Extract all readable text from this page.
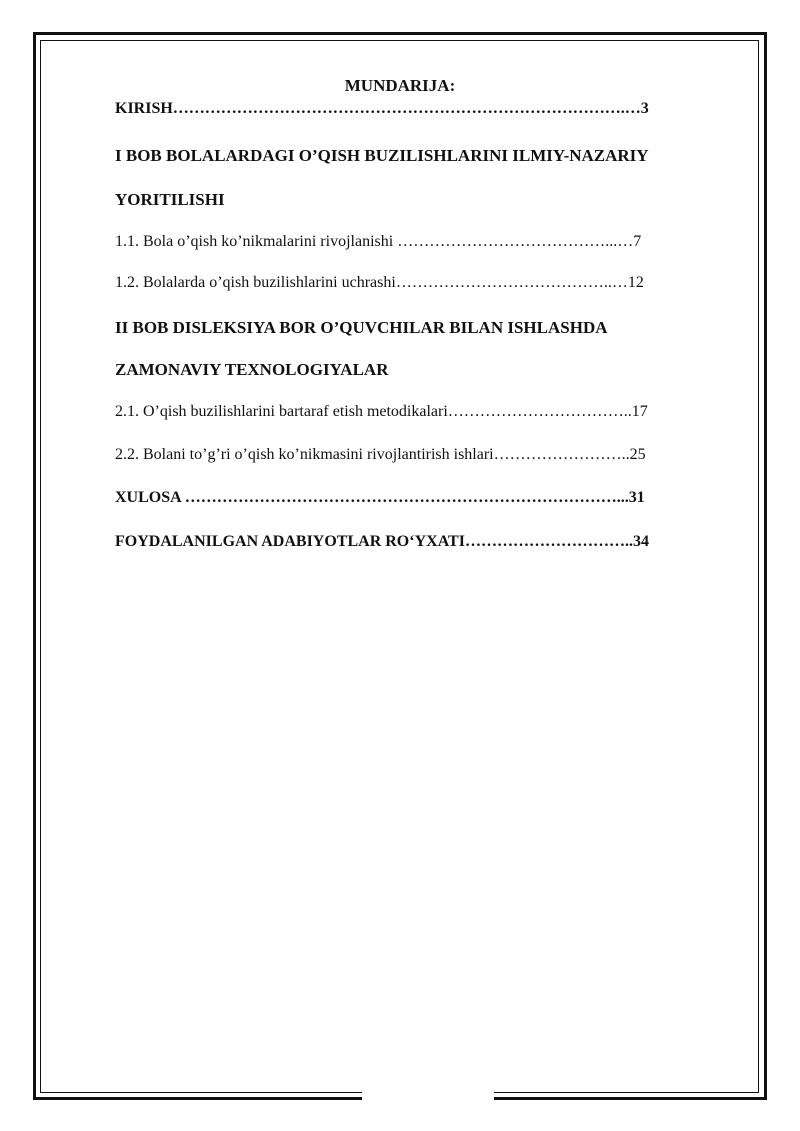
MUNDARIJA:
KIRISH………………………………………………………………………….…3
I BOB BOLALARDAGI O’QISH BUZILISHLARINI ILMIY-NAZARIY
YORITILISHI
1.1. Bola o’qish ko’nikmalarini rivojlanishi …………………………………...…7
1.2. Bolalarda o’qish buzilishlarini uchrashi…………………………………..…12
II BOB DISLEKSIYA BOR O’QUVCHILAR BILAN ISHLASHDA
ZAMONAVIY TEXNOLOGIYALAR
2.1. O’qish buzilishlarini bartaraf etish metodikalari……………………………..17
2.2. Bolani to’g’ri o’qish ko’nikmasini rivojlantirish ishlari……………………..25
XULOSA ………………………………………………………………………...31
FOYDALANILGAN ADABIYOTLAR RO‘YXATI…………………………..34
